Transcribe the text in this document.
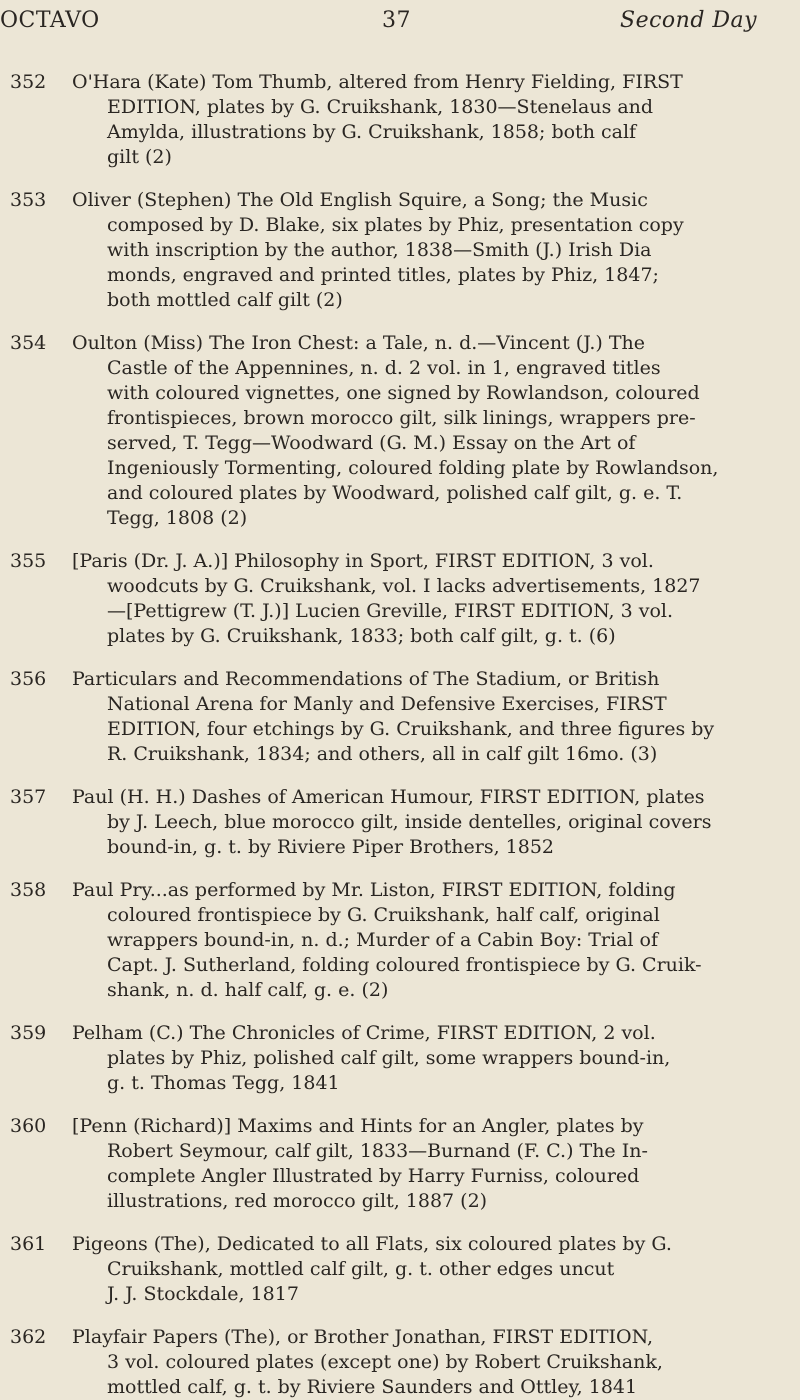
OCTAVO	37	Second Day
352	O'Hara (Kate) Tom Thumb, altered from Henry Fielding, FIRST
EDITION, plates by G. Cruikshank, 1830—Stenelaus and
Amylda, illustrations by G. Cruikshank, 1858; both calf
gilt (2)
353	Oliver (Stephen) The Old English Squire, a Song; the Music
composed by D. Blake, six plates by Phiz, presentation copy
with inscription by the author, 1838—Smith (J.) Irish Dia
monds, engraved and printed titles, plates by Phiz, 1847;
both mottled calf gilt (2)
354	Oulton (Miss) The Iron Chest: a Tale, n. d.—Vincent (J.) The
Castle of the Appennines, n. d. 2 vol. in 1, engraved titles
with coloured vignettes, one signed by Rowlandson, coloured
frontispieces, brown morocco gilt, silk linings, wrappers pre-
served, T. Tegg—Woodward (G. M.) Essay on the Art of
Ingeniously Tormenting, coloured folding plate by Rowlandson,
and coloured plates by Woodward, polished calf gilt, g. e. T.
Tegg, 1808 (2)
355	[Paris (Dr. J. A.)] Philosophy in Sport, FIRST EDITION, 3 vol.
woodcuts by G. Cruikshank, vol. I lacks advertisements, 1827
—[Pettigrew (T. J.)] Lucien Greville, FIRST EDITION, 3 vol.
plates by G. Cruikshank, 1833; both calf gilt, g. t. (6)
356	Particulars and Recommendations of The Stadium, or British
National Arena for Manly and Defensive Exercises, FIRST
EDITION, four etchings by G. Cruikshank, and three figures by
R. Cruikshank, 1834; and others, all in calf gilt 16mo. (3)
357	Paul (H. H.) Dashes of American Humour, FIRST EDITION, plates
by J. Leech, blue morocco gilt, inside dentelles, original covers
bound-in, g. t. by Riviere Piper Brothers, 1852
358	Paul Pry...as performed by Mr. Liston, FIRST EDITION, folding
coloured frontispiece by G. Cruikshank, half calf, original
wrappers bound-in, n. d.; Murder of a Cabin Boy: Trial of
Capt. J. Sutherland, folding coloured frontispiece by G. Cruik-
shank, n. d. half calf, g. e. (2)
359	Pelham (C.) The Chronicles of Crime, FIRST EDITION, 2 vol.
plates by Phiz, polished calf gilt, some wrappers bound-in,
g. t. Thomas Tegg, 1841
360	[Penn (Richard)] Maxims and Hints for an Angler, plates by
Robert Seymour, calf gilt, 1833—Burnand (F. C.) The In-
complete Angler Illustrated by Harry Furniss, coloured
illustrations, red morocco gilt, 1887 (2)
361	Pigeons (The), Dedicated to all Flats, six coloured plates by G.
Cruikshank, mottled calf gilt, g. t. other edges uncut
J. J. Stockdale, 1817
362	Playfair Papers (The), or Brother Jonathan, FIRST EDITION,
3 vol. coloured plates (except one) by Robert Cruikshank,
mottled calf, g. t. by Riviere Saunders and Ottley, 1841
